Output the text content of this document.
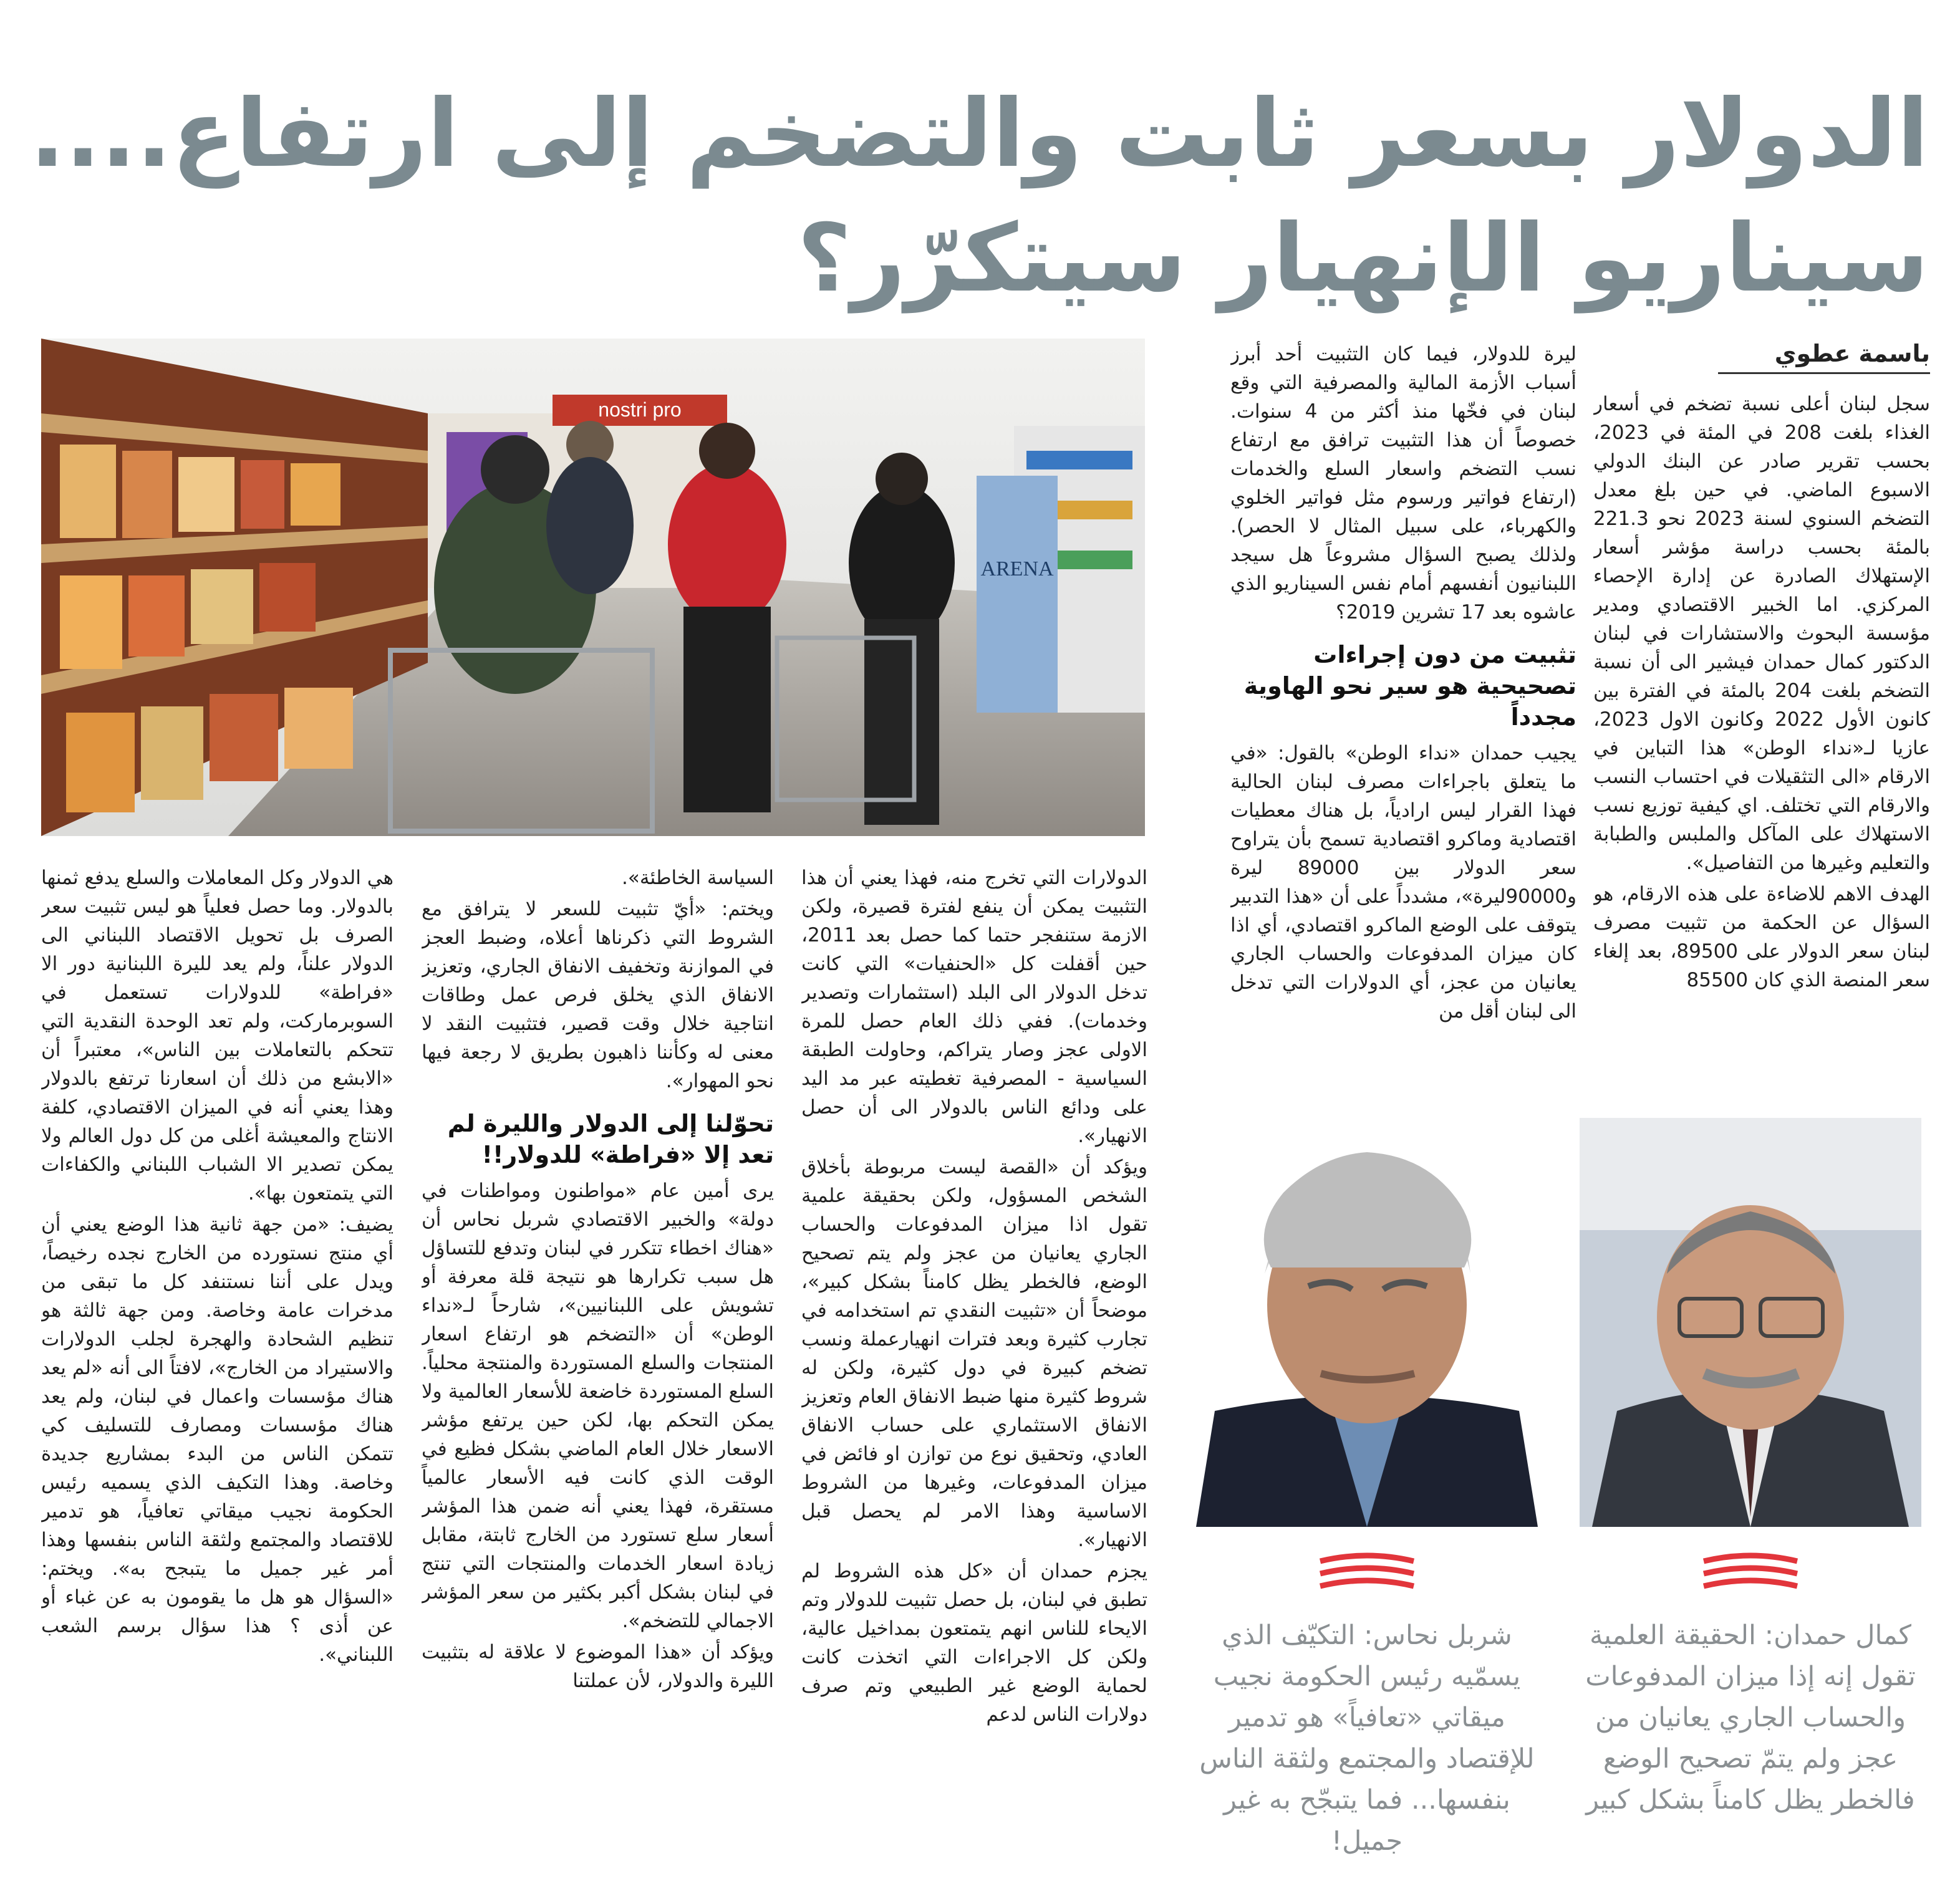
الدولار بسعر ثابت والتضخم إلى ارتفاع....
سيناريو الإنهيار سيتكرّر؟
nostri pro
ARENA
باسمة عطوي

سجل لبنان أعلى نسبة تضخم في أسعار الغذاء بلغت 208 في المئة في 2023، بحسب تقرير صادر عن البنك الدولي الاسبوع الماضي. في حين بلغ معدل التضخم السنوي لسنة 2023 نحو 221.3 بالمئة بحسب دراسة مؤشر أسعار الإستهلاك الصادرة عن إدارة الإحصاء المركزي. اما الخبير الاقتصادي ومدير مؤسسة البحوث والاستشارات في لبنان الدكتور كمال حمدان فيشير الى أن نسبة التضخم بلغت 204 بالمئة في الفترة بين كانون الأول 2022 وكانون الاول 2023، عازيا لـ«نداء الوطن» هذا التباين في الارقام «الى التثقيلات في احتساب النسب والارقام التي تختلف. اي كيفية توزيع نسب الاستهلاك على المآكل والملبس والطبابة والتعليم وغيرها من التفاصيل».

الهدف الاهم للاضاءة على هذه الارقام، هو السؤال عن الحكمة من تثبيت مصرف لبنان سعر الدولار على 89500، بعد إلغاء سعر المنصة الذي كان 85500

ليرة للدولار، فيما كان التثبيت أحد أبرز أسباب الأزمة المالية والمصرفية التي وقع لبنان في فخّها منذ أكثر من 4 سنوات. خصوصاً أن هذا التثبيت ترافق مع ارتفاع نسب التضخم واسعار السلع والخدمات (ارتفاع فواتير ورسوم مثل فواتير الخلوي والكهرباء، على سبيل المثال لا الحصر). ولذلك يصبح السؤال مشروعاً هل سيجد اللبنانيون أنفسهم أمام نفس السيناريو الذي عاشوه بعد 17 تشرين 2019؟

تثبيت من دون إجراءات تصحيحية هو سير نحو الهاوية مجدداً

يجيب حمدان «نداء الوطن» بالقول: «في ما يتعلق باجراءات مصرف لبنان الحالية فهذا القرار ليس ارادياً، بل هناك معطيات اقتصادية وماكرو اقتصادية تسمح بأن يتراوح سعر الدولار بين 89000 ليرة و90000ليرة»، مشدداً على أن «هذا التدبير يتوقف على الوضع الماكرو اقتصادي، أي اذا كان ميزان المدفوعات والحساب الجاري يعانيان من عجز، أي الدولارات التي تدخل الى لبنان أقل من

كمال حمدان: الحقيقة العلمية تقول إنه إذا ميزان المدفوعات والحساب الجاري يعانيان من عجز ولم يتمّ تصحيح الوضع فالخطر يظل كامناً بشكل كبير
شربل نحاس: التكيّف الذي يسمّيه رئيس الحكومة نجيب ميقاتي «تعافياً» هو تدمير للإقتصاد والمجتمع ولثقة الناس بنفسها... فما يتبجّح به غير جميل!

الدولارات التي تخرج منه، فهذا يعني أن هذا التثبيت يمكن أن ينفع لفترة قصيرة، ولكن الازمة ستنفجر حتما كما حصل بعد 2011، حين أقفلت كل «الحنفيات» التي كانت تدخل الدولار الى البلد (استثمارات وتصدير وخدمات). ففي ذلك العام حصل للمرة الاولى عجز وصار يتراكم، وحاولت الطبقة السياسية - المصرفية تغطيته عبر مد اليد على ودائع الناس بالدولار الى أن حصل الانهيار».

ويؤكد أن «القصة ليست مربوطة بأخلاق الشخص المسؤول، ولكن بحقيقة علمية تقول اذا ميزان المدفوعات والحساب الجاري يعانيان من عجز ولم يتم تصحيح الوضع، فالخطر يظل كامناً بشكل كبير»، موضحاً أن «تثبيت النقدي تم استخدامه في تجارب كثيرة وبعد فترات انهيارعملة ونسب تضخم كبيرة في دول كثيرة، ولكن له شروط كثيرة منها ضبط الانفاق العام وتعزيز الانفاق الاستثماري على حساب الانفاق العادي، وتحقيق نوع من توازن او فائض في ميزان المدفوعات، وغيرها من الشروط الاساسية وهذا الامر لم يحصل قبل الانهيار».

يجزم حمدان أن «كل هذه الشروط لم تطبق في لبنان، بل حصل تثبيت للدولار وتم الايحاء للناس انهم يتمتعون بمداخيل عالية، ولكن كل الاجراءات التي اتخذت كانت لحماية الوضع غير الطبيعي وتم صرف دولارات الناس لدعم

السياسة الخاطئة».

ويختم: «أيّ تثبيت للسعر لا يترافق مع الشروط التي ذكرناها أعلاه، وضبط العجز في الموازنة وتخفيف الانفاق الجاري، وتعزيز الانفاق الذي يخلق فرص عمل وطاقات انتاجية خلال وقت قصير، فتثبيت النقد لا معنى له وكأننا ذاهبون بطريق لا رجعة فيها نحو المهوار».

تحوّلنا إلى الدولار والليرة لم تعد إلا «فراطة» للدولار!!

يرى أمين عام «مواطنون ومواطنات في دولة» والخبير الاقتصادي شربل نحاس أن «هناك اخطاء تتكرر في لبنان وتدفع للتساؤل هل سبب تكرارها هو نتيجة قلة معرفة أو تشويش على اللبنانيين»، شارحاً لـ«نداء الوطن» أن «التضخم هو ارتفاع اسعار المنتجات والسلع المستوردة والمنتجة محلياً. السلع المستوردة خاضعة للأسعار العالمية ولا يمكن التحكم بها، لكن حين يرتفع مؤشر الاسعار خلال العام الماضي بشكل فظيع في الوقت الذي كانت فيه الأسعار عالمياً مستقرة، فهذا يعني أنه ضمن هذا المؤشر أسعار سلع تستورد من الخارج ثابتة، مقابل زيادة اسعار الخدمات والمنتجات التي تنتج في لبنان بشكل أكبر بكثير من سعر المؤشر الاجمالي للتضخم».

ويؤكد أن «هذا الموضوع لا علاقة له بتثبيت الليرة والدولار، لأن عملتنا

هي الدولار وكل المعاملات والسلع يدفع ثمنها بالدولار. وما حصل فعلياً هو ليس تثبيت سعر الصرف بل تحويل الاقتصاد اللبناني الى الدولار علناً، ولم يعد لليرة اللبنانية دور الا «فراطة» للدولارات تستعمل في السوبرماركت، ولم تعد الوحدة النقدية التي تتحكم بالتعاملات بين الناس»، معتبراً أن «الابشع من ذلك أن اسعارنا ترتفع بالدولار وهذا يعني أنه في الميزان الاقتصادي، كلفة الانتاج والمعيشة أغلى من كل دول العالم ولا يمكن تصدير الا الشباب اللبناني والكفاءات التي يتمتعون بها».

يضيف: «من جهة ثانية هذا الوضع يعني أن أي منتج نستورده من الخارج نجده رخيصاً، ويدل على أننا نستنفد كل ما تبقى من مدخرات عامة وخاصة. ومن جهة ثالثة هو تنظيم الشحادة والهجرة لجلب الدولارات والاستيراد من الخارج»، لافتاً الى أنه «لم يعد هناك مؤسسات واعمال في لبنان، ولم يعد هناك مؤسسات ومصارف للتسليف كي تتمكن الناس من البدء بمشاريع جديدة وخاصة. وهذا التكيف الذي يسميه رئيس الحكومة نجيب ميقاتي تعافياً، هو تدمير للاقتصاد والمجتمع ولثقة الناس بنفسها وهذا أمر غير جميل ما يتبجح به». ويختم: «السؤال هو هل ما يقومون به عن غباء أو عن أذى ؟ هذا سؤال برسم الشعب اللبناني».
